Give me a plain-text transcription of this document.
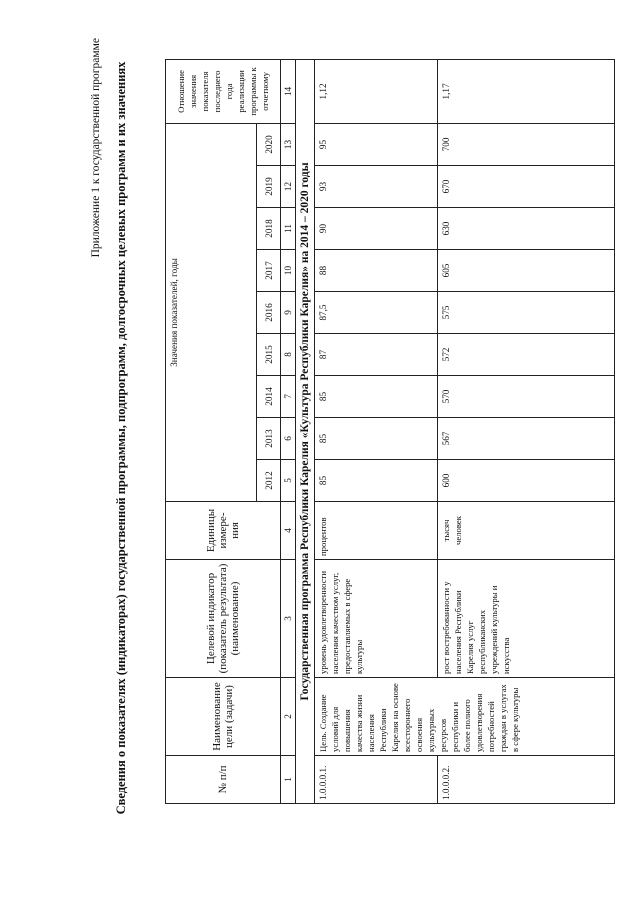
Приложение 1 к государственной программе Сведения о показателях (индикаторах) государственной программы, подпрограмм, долгосрочных целевых программ и их значениях	№ п/п	Наименование цели (задачи)	Целевой индикатор (показатель результата) (наименование)	Единицы измере-ния	Значения показателей, годы									Отношение значения показателя последнего года реализации программы к отчетному
				2012	2013	2014	2015	2016	2017	2018	2019	2020	
1	2	3	4	5	6	7	8	9	10	11	12	13	14
Государственная программа Республики Карелия «Культура Республики Карелия» на 2014 – 2020 годы													
1.0.0.0.1.	Цель. Создание условий для повышения качества жизни населения Республики Карелия на основе всестороннего освоения культурных ресурсов республики и более полного удовлетворения потребностей граждан в услугах в сфере культуры	уровень удовлетворенности населения качеством услуг, предоставляемых в сфере культуры	процентов	85	85	85	87	87,5	88	90	93	95	1,12
1.0.0.0.2.		рост востребованности у населения Республики Карелия услуг республиканских учреждений культуры и искусства	тысяч человек	600	567	570	572	575	605	630	670	700	1,17
